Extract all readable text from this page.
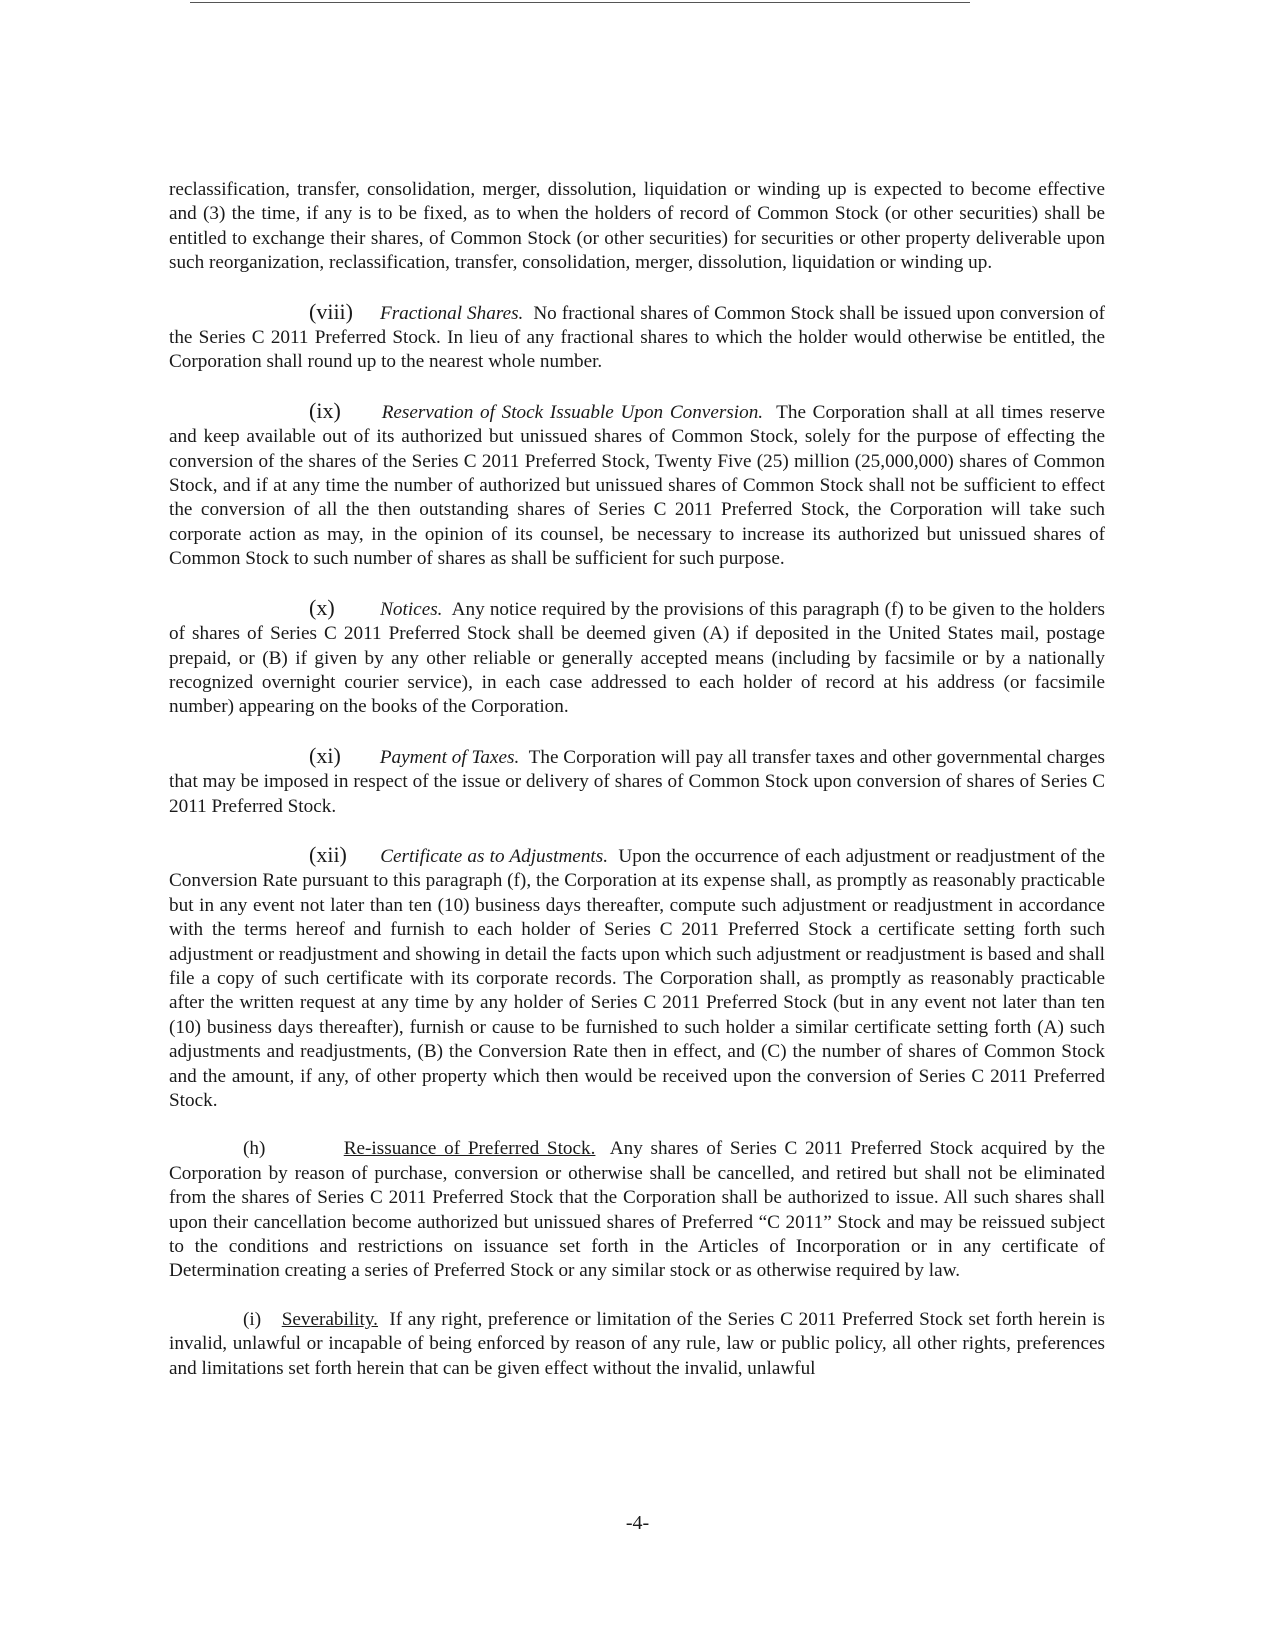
reclassification, transfer, consolidation, merger, dissolution, liquidation or winding up is expected to become effective and (3) the time, if any is to be fixed, as to when the holders of record of Common Stock (or other securities) shall be entitled to exchange their shares, of Common Stock (or other securities) for securities or other property deliverable upon such reorganization, reclassification, transfer, consolidation, merger, dissolution, liquidation or winding up.

(viii) Fractional Shares. No fractional shares of Common Stock shall be issued upon conversion of the Series C 2011 Preferred Stock. In lieu of any fractional shares to which the holder would otherwise be entitled, the Corporation shall round up to the nearest whole number.

(ix) Reservation of Stock Issuable Upon Conversion. The Corporation shall at all times reserve and keep available out of its authorized but unissued shares of Common Stock, solely for the purpose of effecting the conversion of the shares of the Series C 2011 Preferred Stock, Twenty Five (25) million (25,000,000) shares of Common Stock, and if at any time the number of authorized but unissued shares of Common Stock shall not be sufficient to effect the conversion of all the then outstanding shares of Series C 2011 Preferred Stock, the Corporation will take such corporate action as may, in the opinion of its counsel, be necessary to increase its authorized but unissued shares of Common Stock to such number of shares as shall be sufficient for such purpose.

(x) Notices. Any notice required by the provisions of this paragraph (f) to be given to the holders of shares of Series C 2011 Preferred Stock shall be deemed given (A) if deposited in the United States mail, postage prepaid, or (B) if given by any other reliable or generally accepted means (including by facsimile or by a nationally recognized overnight courier service), in each case addressed to each holder of record at his address (or facsimile number) appearing on the books of the Corporation.

(xi) Payment of Taxes. The Corporation will pay all transfer taxes and other governmental charges that may be imposed in respect of the issue or delivery of shares of Common Stock upon conversion of shares of Series C 2011 Preferred Stock.

(xii) Certificate as to Adjustments. Upon the occurrence of each adjustment or readjustment of the Conversion Rate pursuant to this paragraph (f), the Corporation at its expense shall, as promptly as reasonably practicable but in any event not later than ten (10) business days thereafter, compute such adjustment or readjustment in accordance with the terms hereof and furnish to each holder of Series C 2011 Preferred Stock a certificate setting forth such adjustment or readjustment and showing in detail the facts upon which such adjustment or readjustment is based and shall file a copy of such certificate with its corporate records. The Corporation shall, as promptly as reasonably practicable after the written request at any time by any holder of Series C 2011 Preferred Stock (but in any event not later than ten (10) business days thereafter), furnish or cause to be furnished to such holder a similar certificate setting forth (A) such adjustments and readjustments, (B) the Conversion Rate then in effect, and (C) the number of shares of Common Stock and the amount, if any, of other property which then would be received upon the conversion of Series C 2011 Preferred Stock.

(h)	Re-issuance of Preferred Stock. Any shares of Series C 2011 Preferred Stock acquired by the Corporation by reason of purchase, conversion or otherwise shall be cancelled, and retired but shall not be eliminated from the shares of Series C 2011 Preferred Stock that the Corporation shall be authorized to issue. All such shares shall upon their cancellation become authorized but unissued shares of Preferred “C 2011” Stock and may be reissued subject to the conditions and restrictions on issuance set forth in the Articles of Incorporation or in any certificate of Determination creating a series of Preferred Stock or any similar stock or as otherwise required by law.

(i) Severability. If any right, preference or limitation of the Series C 2011 Preferred Stock set forth herein is invalid, unlawful or incapable of being enforced by reason of any rule, law or public policy, all other rights, preferences and limitations set forth herein that can be given effect without the invalid, unlawful

-4-
